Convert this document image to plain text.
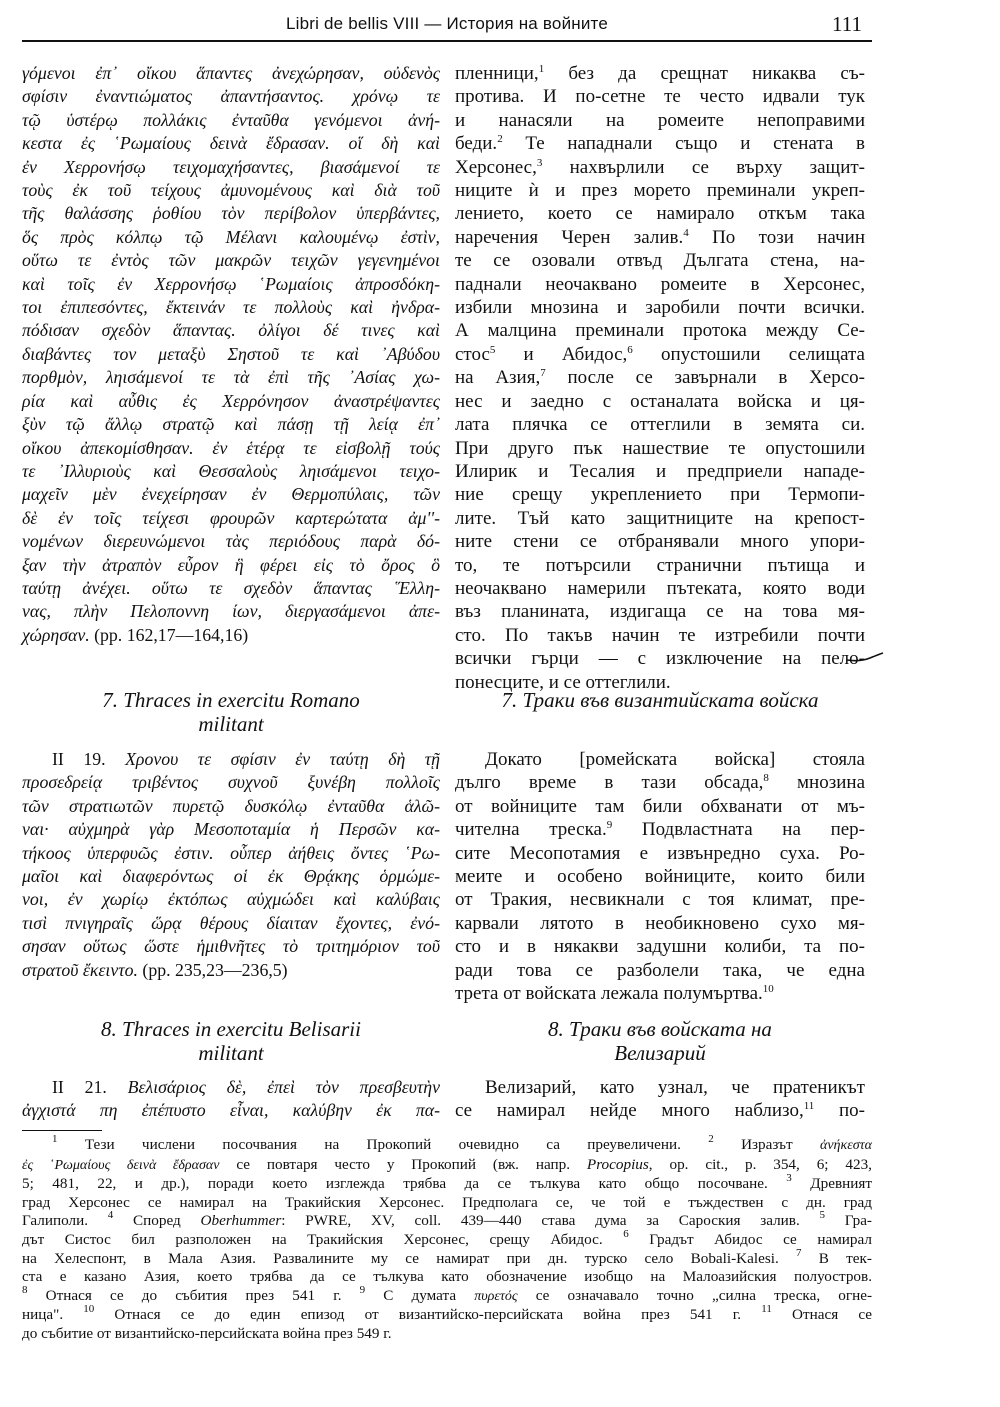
Libri de bellis VIII — История на войните	111
γόμενοι ἐπ᾽ οἴκου ἅπαντες ἀνεχώρησαν, οὐδενὸς
σφίσιν ἐναντιώματος ἀπαντήσαντος. χρόνῳ τε
τῷ ὑστέρῳ πολλάκις ἐνταῦθα γενόμενοι ἀνή-
κεστα ἐς ῾Ρωμαίους δεινὰ ἔδρασαν. οἵ δὴ καὶ
ἐν Χερρονήσῳ τειχομαχήσαντες, βιασάμενοί τε
τοὺς ἐκ τοῦ τείχους ἀμυνομένους καὶ διὰ τοῦ
τῆς θαλάσσης ῥοθίου τὸν περίβολον ὑπερβάντες,
ὅς πρὸς κόλπῳ τῷ Μέλανι καλουμένῳ ἐστὶν,
οὕτω τε ἐντὸς τῶν μακρῶν τειχῶν γεγενημένοι
καὶ τοῖς ἐν Χερρονήσῳ ῾Ρωμαίοις ἀπροσδόκη-
τοι ἐπιπεσόντες, ἔκτεινάν τε πολλοὺς καὶ ἠνδρα-
πόδισαν σχεδὸν ἅπαντας. ὀλίγοι δέ τινες καὶ
διαβάντες τον μεταξὺ Σηστοῦ τε καὶ ᾿Αβύδου
πορθμὸν, ληισάμενοί τε τὰ ἐπὶ τῆς ᾿Ασίας χω-
ρία καὶ αὖθις ἐς Χερρόνησον ἀναστρέψαντες
ξὺν τῷ ἄλλῳ στρατῷ καὶ πάσῃ τῇ λείᾳ ἐπ᾽
οἴκου ἀπεκομίσθησαν. ἐν ἑτέρᾳ τε εἰσβολῇ τούς
τε ᾿Ιλλυριοὺς καὶ Θεσσαλοὺς ληισάμενοι τειχο-
μαχεῖν μὲν ἐνεχείρησαν ἐν Θερμοπύλαις, τῶν
δὲ ἐν τοῖς τείχεσι φρουρῶν καρτερώτατα ἀμ''-
νομένων διερευνώμενοι τὰς περιόδους παρὰ δό-
ξαν τὴν ἀτραπὸν εὗρον ἣ φέρει εἰς τὸ ὄρος ὃ
ταύτῃ ἀνέχει. οὕτω τε σχεδὸν ἅπαντας ῞Ελλη-
νας, πλὴν Πελοποννη ίων, διεργασάμενοι ἀπε-
χώρησαν. (pp. 162,17—164,16)
пленници,$^1$ без да срещнат никаква съ-
протива. И по-сетне те често идвали тук
и нанасяли на ромеите непоправими
беди.$^2$ Те нападнали също и стената в
Херсонес,$^3$ нахвърлили се върху защит-
ниците ѝ и през морето преминали укреп-
лението, което се намирало откъм така
наречения Черен залив.$^4$ По този начин
те се озовали отвъд Дългата стена, на-
паднали неочаквано ромеите в Херсонес,
избили мнозина и заробили почти всички.
А малцина преминали протока между Се-
стос$^5$ и Абидос,$^6$ опустошили селищата
на Азия,$^7$ после се завърнали в Херсо-
нес и заедно с останалата войска и ця-
лата плячка се оттеглили в земята си.
При друго пък нашествие те опустошили
Илирик и Тесалия и предприели нападе-
ние срещу укреплението при Термопи-
лите. Тъй като защитниците на крепост-
ните стени се отбранявали много упори-
то, те потърсили странични пътища и
неочаквано намерили пътеката, която води
въз планината, издигаща се на това мя-
сто. По такъв начин те изтребили почти
всички гърци — с изключение на пело-
понесците, и се оттеглили.
7. Thraces in exercitu Romano
militant
7. Траки във византийската войска
II 19. Χρονου τε σφίσιν ἐν ταύτῃ δὴ τῇ
προσεδρείᾳ τριβέντος συχνοῦ ξυνέβη πολλοῖς
τῶν στρατιωτῶν πυρετῷ δυσκόλῳ ἐνταῦθα ἁλῶ-
ναι· αὐχμηρὰ γὰρ Μεσοποταμία ἡ Περσῶν κα-
τήκοος ὑπερφυῶς ἐστιν. οὗπερ ἀήθεις ὄντες ῾Ρω-
μαῖοι καὶ διαφερόντως οἱ ἐκ Θρᾴκης ὁρμώμε-
νοι, ἐν χωρίῳ ἐκτόπως αὐχμώδει καὶ καλύβαις
τισὶ πνιγηραῖς ὥρᾳ θέρους δίαιταν ἔχοντες, ἐνό-
σησαν οὕτως ὥστε ἡμιθνῆτες τὸ τριτημόριον τοῦ
στρατοῦ ἔκειντο. (pp. 235,23—236,5)
Докато [ромейската войска] стояла
дълго време в тази обсада,$^8$ мнозина
от войниците там били обхванати от мъ-
чителна треска.$^9$ Подвластната на пер-
сите Месопотамия е извънредно суха. Ро-
меите и особено войниците, които били
от Тракия, несвикнали с тоя климат, пре-
карвали лятото в необикновено сухо мя-
сто и в някакви задушни колиби, та по-
ради това се разболели така, че една
трета от войската лежала полумъртва.$^{10}$
8. Thraces in exercitu Belisarii
militant
8. Траки във войската на
Велизарий
II 21. Βελισάριος δὲ, ἐπεὶ τὸν πρεσβευτὴν
ἀγχιστά πη ἐπέπυστο εἶναι, καλύβην ἐκ πα-
Велизарий, като узнал, че пратеникът
се намирал нейде много наблизо,$^{11}$ по-
$^1$ Тези числени посочвания на Прокопий очевидно са преувеличени. $^2$ Изразът ἀνήκεστα
ἐς ῾Ρωμαίους δεινὰ ἔδρασαν се повтаря често у Прокопий (вж. напр. Procopius, op. cit., p. 354, 6; 423,
5; 481, 22, и др.), поради което изглежда трябва да се тълкува като общо посочване. $^3$ Древният
град Херсонес се намирал на Тракийския Херсонес. Предполага се, че той е тъждествен с дн. град
Галиполи. $^4$ Според Oberhummer: PWRE, XV, coll. 439—440 става дума за Сароския залив. $^5$ Гра-
дът Систос бил разположен на Тракийския Херсонес, срещу Абидос. $^6$ Градът Абидос се намирал
на Хелеспонт, в Мала Азия. Развалините му се намират при дн. турско село Bobali-Kalesi. $^7$ В тек-
ста е казано Азия, което трябва да се тълкува като обозначение изобщо на Малоазийския полуостров.
$^8$ Отнася се до събития през 541 г. $^9$ С думата πυρετός се означавало точно „силна треска, огне-
ница". $^{10}$ Отнася се до един епизод от византийско-персийската война през 541 г. $^{11}$ Отнася се
до събитие от византийско-персийската война през 549 г.
